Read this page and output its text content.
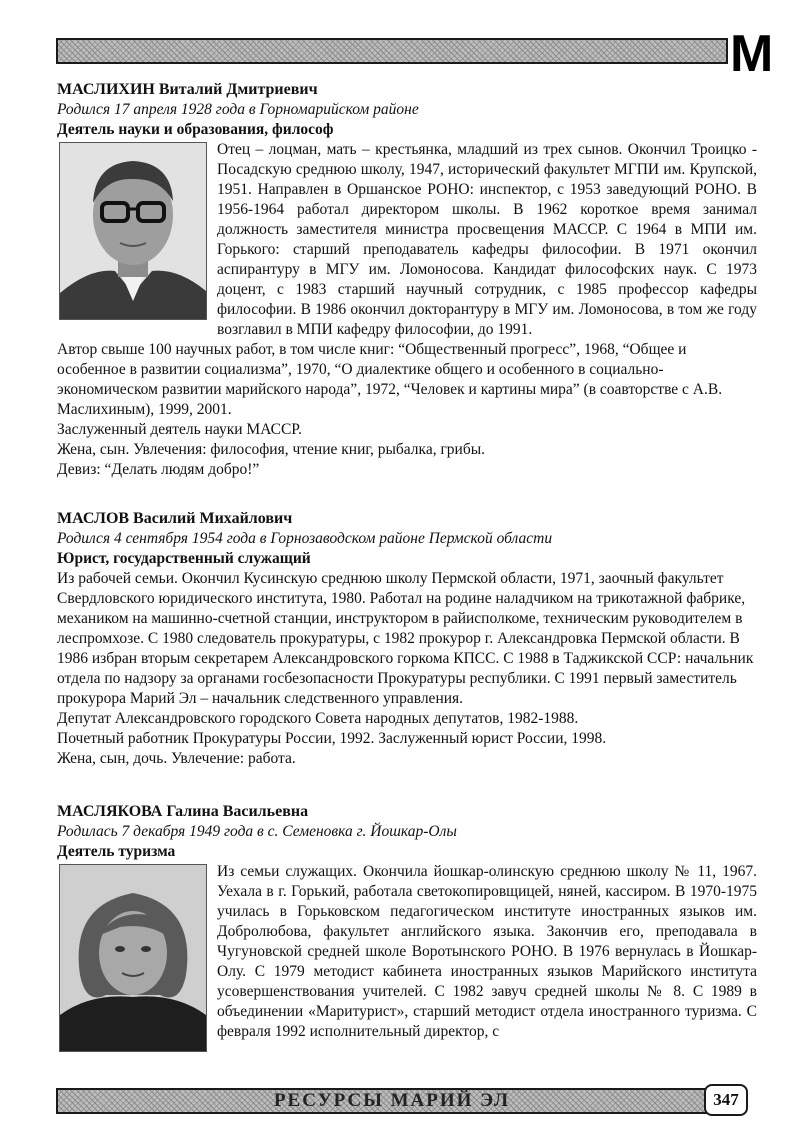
М
МАСЛИХИН Виталий Дмитриевич
Родился 17 апреля 1928 года в Горномарийском районе
Деятель науки и образования, философ
Отец – лоцман, мать – крестьянка, младший из трех сынов. Окончил Троицко - Посадскую среднюю школу, 1947, исторический факультет МГПИ им. Крупской, 1951. Направлен в Оршанское РОНО: инспектор, с 1953 заведующий РОНО. В 1956-1964 работал директором школы. В 1962 короткое время занимал должность заместителя министра просвещения МАССР. С 1964 в МПИ им. Горького: старший преподаватель кафедры философии. В 1971 окончил аспирантуру в МГУ им. Ломоносова. Кандидат философских наук. С 1973 доцент, с 1983 старший научный сотрудник, с 1985 профессор кафедры философии. В 1986 окончил докторантуру в МГУ им. Ломоносова, в том же году возглавил в МПИ кафедру философии, до 1991.

Автор свыше 100 научных работ, в том числе книг: “Общественный прогресс”, 1968, “Общее и особенное в развитии социализма”, 1970, “О диалектике общего и особенного в социально-экономическом развитии марийского народа”, 1972, “Человек и картины мира” (в соавторстве с А.В. Маслихиным), 1999, 2001.

Заслуженный деятель науки МАССР.

Жена, сын. Увлечения: философия, чтение книг, рыбалка, грибы.

Девиз: “Делать людям добро!”

МАСЛОВ Василий Михайлович
Родился 4 сентября 1954 года в Горнозаводском районе Пермской области
Юрист, государственный служащий

Из рабочей семьи. Окончил Кусинскую среднюю школу Пермской области, 1971, заочный факультет Свердловского юридического института, 1980. Работал на родине наладчиком на трикотажной фабрике, механиком на машинно-счетной станции, инструктором в райисполкоме, техническим руководителем в леспромхозе. С 1980 следователь прокуратуры, с 1982 прокурор г. Александровка Пермской области. В 1986 избран вторым секретарем Александровского горкома КПСС. С 1988 в Таджикской ССР: начальник отдела по надзору за органами госбезопасности Прокуратуры республики. С 1991 первый заместитель прокурора Марий Эл – начальник следственного управления.

Депутат Александровского городского Совета народных депутатов, 1982-1988.

Почетный работник Прокуратуры России, 1992. Заслуженный юрист России, 1998.

Жена, сын, дочь. Увлечение: работа.

МАСЛЯКОВА Галина Васильевна
Родилась 7 декабря 1949 года в с. Семеновка г. Йошкар-Олы
Деятель туризма
Из семьи служащих. Окончила йошкар-олинскую среднюю школу № 11, 1967. Уехала в г. Горький, работала светокопировщицей, няней, кассиром. В 1970-1975 училась в Горьковском педагогическом институте иностранных языков им. Добролюбова, факультет английского языка. Закончив его, преподавала в Чугуновской средней школе Воротынского РОНО. В 1976 вернулась в Йошкар-Олу. С 1979 методист кабинета иностранных языков Марийского института усовершенствования учителей. С 1982 завуч средней школы № 8. С 1989 в объединении «Маритурист», старший методист отдела иностранного туризма. С февраля 1992 исполнительный директор, с
РЕСУРСЫ МАРИЙ ЭЛ	347
